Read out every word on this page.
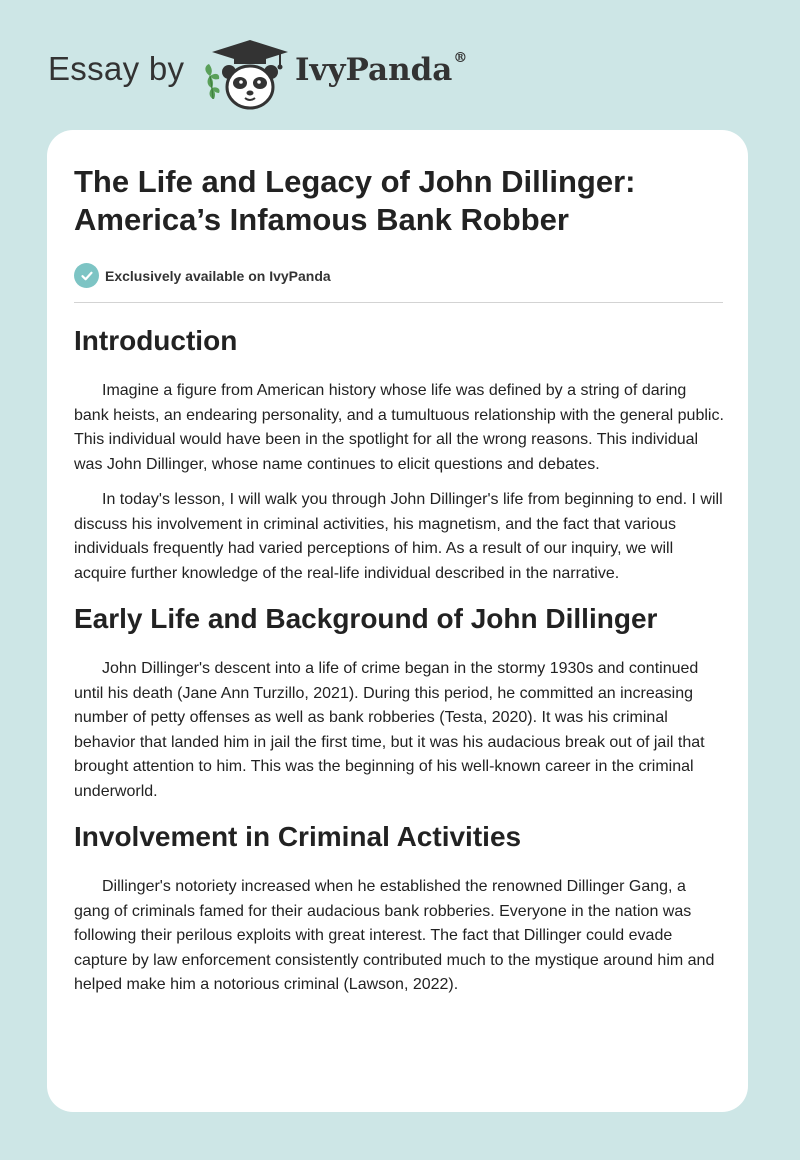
Essay by	IvyPanda®
The Life and Legacy of John Dillinger: America’s Infamous Bank Robber
Exclusively available on IvyPanda
Introduction

Imagine a figure from American history whose life was defined by a string of daring bank heists, an endearing personality, and a tumultuous relationship with the general public. This individual would have been in the spotlight for all the wrong reasons. This individual was John Dillinger, whose name continues to elicit questions and debates.

In today's lesson, I will walk you through John Dillinger's life from beginning to end. I will discuss his involvement in criminal activities, his magnetism, and the fact that various individuals frequently had varied perceptions of him. As a result of our inquiry, we will acquire further knowledge of the real-life individual described in the narrative.

Early Life and Background of John Dillinger

John Dillinger's descent into a life of crime began in the stormy 1930s and continued until his death (Jane Ann Turzillo, 2021). During this period, he committed an increasing number of petty offenses as well as bank robberies (Testa, 2020). It was his criminal behavior that landed him in jail the first time, but it was his audacious break out of jail that brought attention to him. This was the beginning of his well-known career in the criminal underworld.

Involvement in Criminal Activities

Dillinger's notoriety increased when he established the renowned Dillinger Gang, a gang of criminals famed for their audacious bank robberies. Everyone in the nation was following their perilous exploits with great interest. The fact that Dillinger could evade capture by law enforcement consistently contributed much to the mystique around him and helped make him a notorious criminal (Lawson, 2022).
